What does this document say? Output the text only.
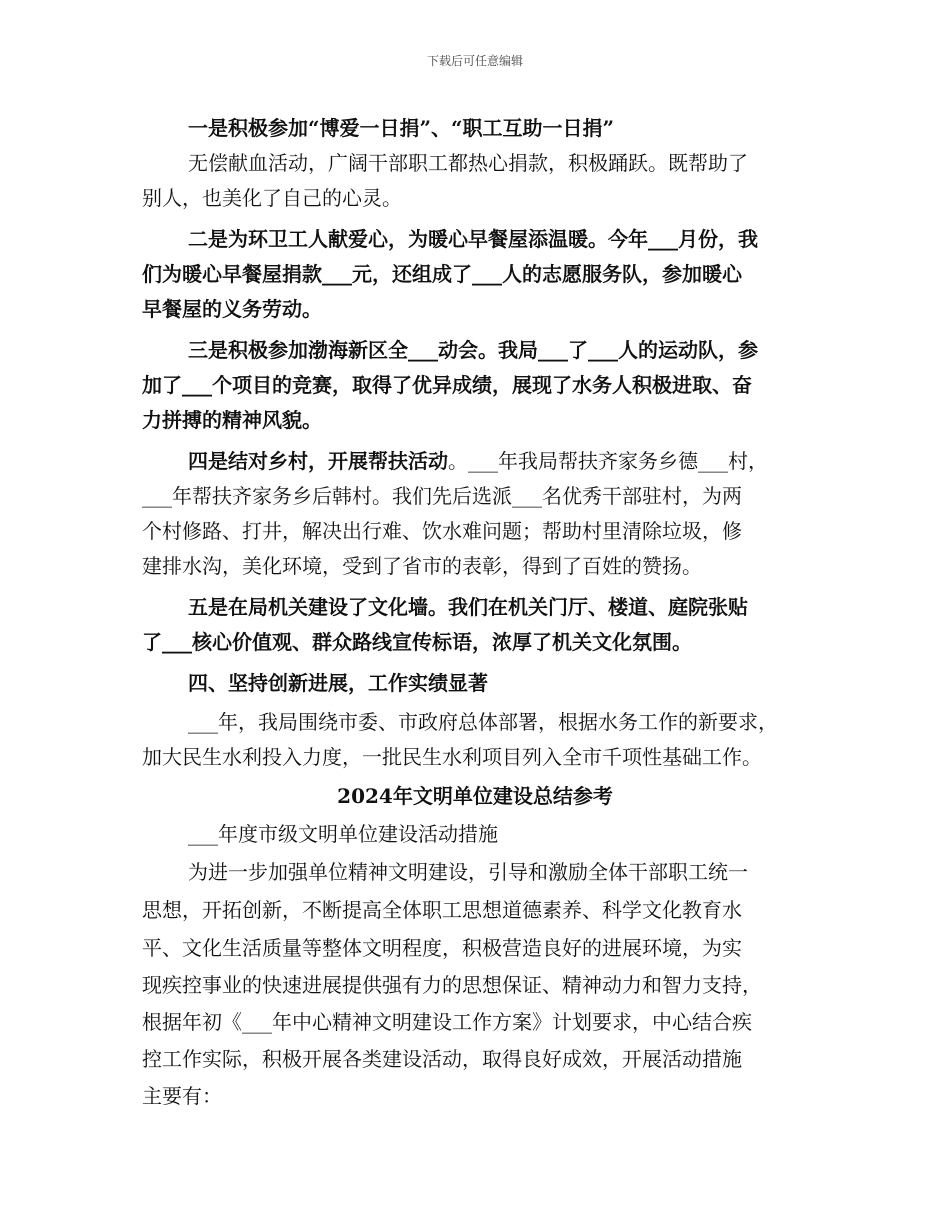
下载后可任意编辑
一是积极参加“博爱一日捐”、“职工互助一日捐”
无偿献血活动，广阔干部职工都热心捐款，积极踊跃。既帮助了
别人，也美化了自己的心灵。
二是为环卫工人献爱心，为暖心早餐屋添温暖。今年___月份，我
们为暖心早餐屋捐款___元，还组成了___人的志愿服务队，参加暖心
早餐屋的义务劳动。
三是积极参加渤海新区全___动会。我局___了___人的运动队，参
加了___个项目的竞赛，取得了优异成绩，展现了水务人积极进取、奋
力拼搏的精神风貌。
四是结对乡村，开展帮扶活动。___年我局帮扶齐家务乡德___村，
___年帮扶齐家务乡后韩村。我们先后选派___名优秀干部驻村，为两
个村修路、打井，解决出行难、饮水难问题；帮助村里清除垃圾，修
建排水沟，美化环境，受到了省市的表彰，得到了百姓的赞扬。
五是在局机关建设了文化墙。我们在机关门厅、楼道、庭院张贴
了___核心价值观、群众路线宣传标语，浓厚了机关文化氛围。
四、坚持创新进展，工作实绩显著
___年，我局围绕市委、市政府总体部署，根据水务工作的新要求，
加大民生水利投入力度，一批民生水利项目列入全市千项性基础工作。
2024年文明单位建设总结参考
___年度市级文明单位建设活动措施
为进一步加强单位精神文明建设，引导和激励全体干部职工统一
思想，开拓创新，不断提高全体职工思想道德素养、科学文化教育水
平、文化生活质量等整体文明程度，积极营造良好的进展环境，为实
现疾控事业的快速进展提供强有力的思想保证、精神动力和智力支持，
根据年初《___年中心精神文明建设工作方案》计划要求，中心结合疾
控工作实际，积极开展各类建设活动，取得良好成效，开展活动措施
主要有：
